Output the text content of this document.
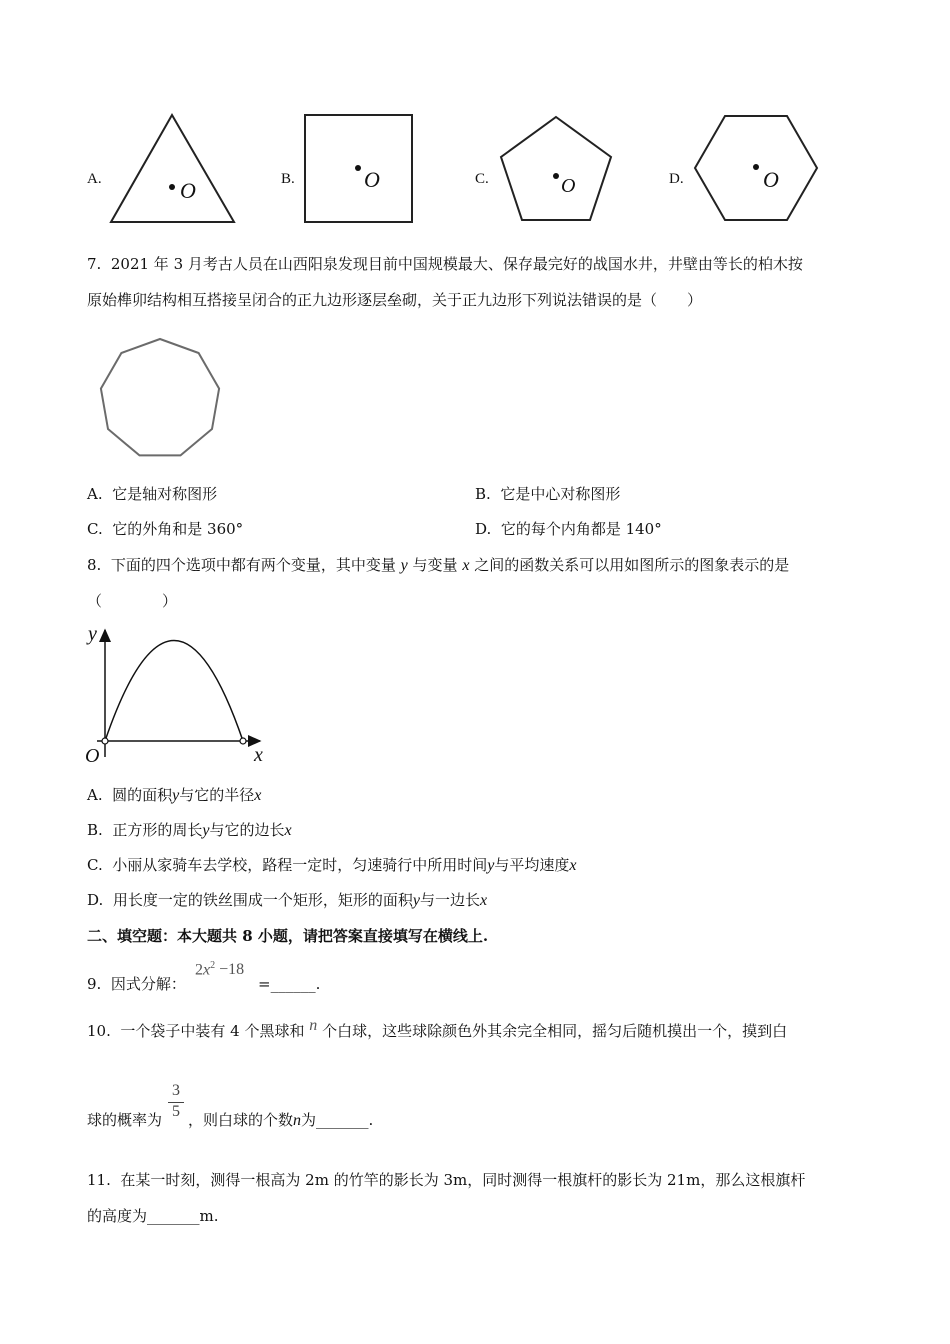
A.	O	B.	O	C.	O	D.	O
7. 2021 年 3 月考古人员在山西阳泉发现目前中国规模最大、保存最完好的战国水井，井壁由等长的柏木按
原始榫卯结构相互搭接呈闭合的正九边形逐层垒砌，关于正九边形下列说法错误的是（　　）
A. 它是轴对称图形	B. 它是中心对称图形
C. 它的外角和是 360°	D. 它的每个内角都是 140°
8. 下面的四个选项中都有两个变量，其中变量 y 与变量 x 之间的函数关系可以用如图所示的图象表示的是
（　　　　）
y
x
O
A. 圆的面积y与它的半径x
B. 正方形的周长y与它的边长x
C. 小丽从家骑车去学校，路程一定时，匀速骑行中所用时间y与平均速度x
D. 用长度一定的铁丝围成一个矩形，矩形的面积y与一边长x
二、填空题：本大题共 8 小题，请把答案直接填写在横线上.
9. 因式分解：
$2x^2 -18$
=______.
10. 一个袋子中装有 4 个黑球和 n 个白球，这些球除颜色外其余完全相同，摇匀后随机摸出一个，摸到白
球的概率为 $\frac{3}{5}$ ，则白球的个数n为_______.
11. 在某一时刻，测得一根高为 2m 的竹竿的影长为 3m，同时测得一根旗杆的影长为 21m，那么这根旗杆
的高度为_______m.
